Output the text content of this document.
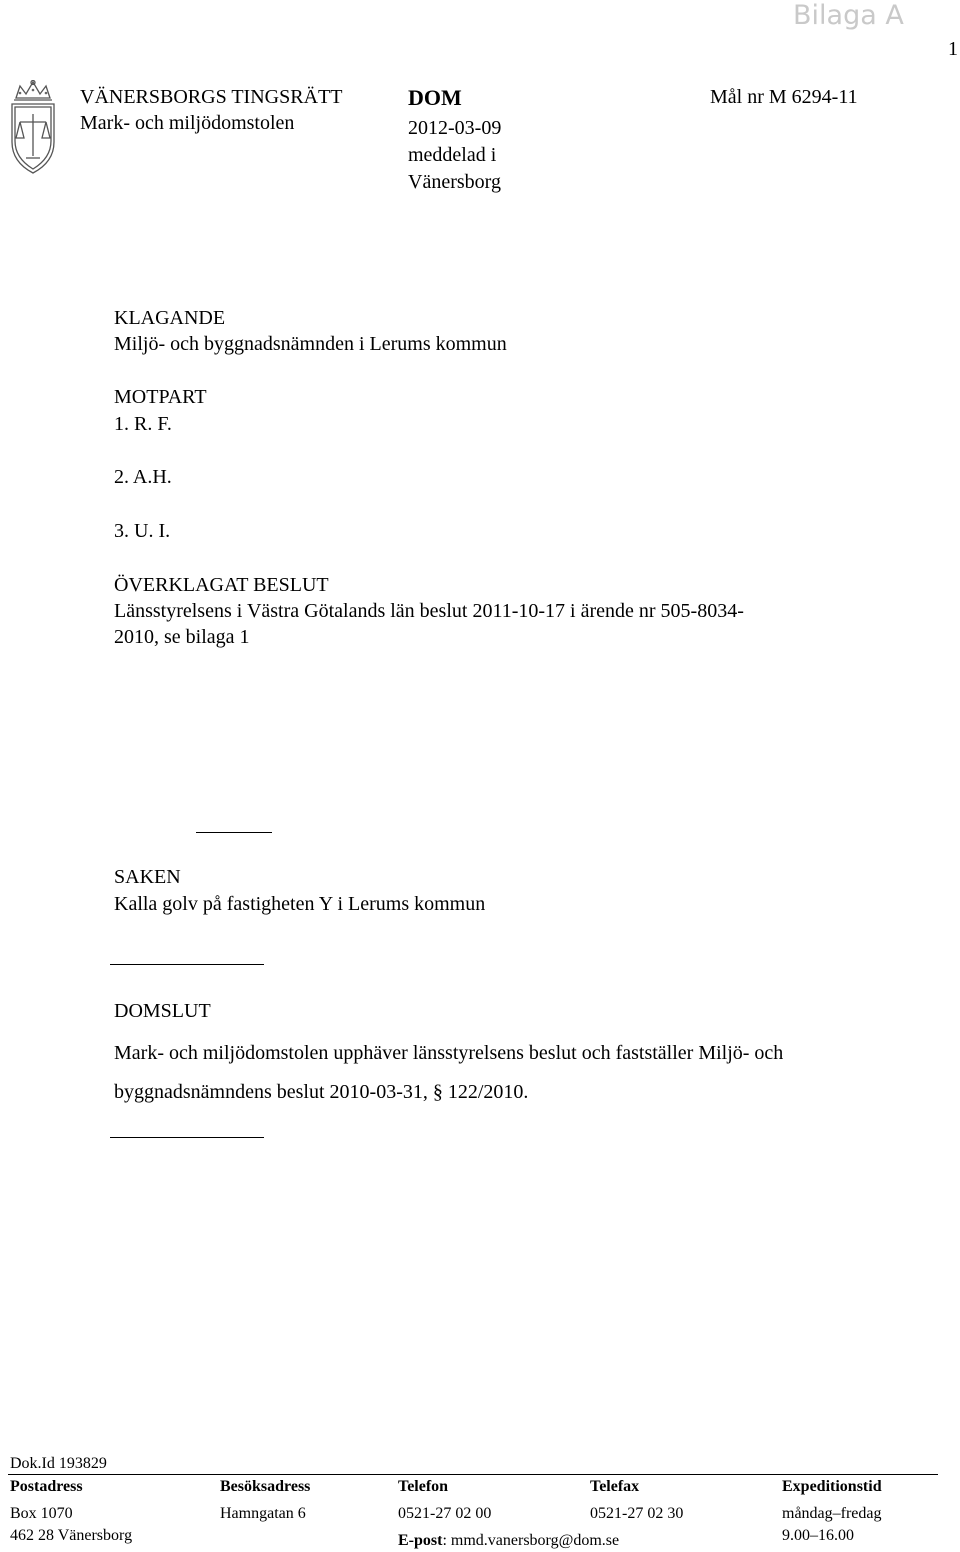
Bilaga A
1
VÄNERSBORGS TINGSRÄTT
Mark- och miljödomstolen
DOM
2012-03-09
meddelad i
Vänersborg
Mål nr M 6294-11
KLAGANDE
Miljö- och byggnadsnämnden i Lerums kommun
MOTPART
1. R. F.
2. A.H.
3. U. I.
ÖVERKLAGAT BESLUT
Länsstyrelsens i Västra Götalands län beslut 2011-10-17 i ärende nr 505-8034-
2010, se bilaga 1
SAKEN
Kalla golv på fastigheten Y i Lerums kommun
DOMSLUT
Mark- och miljödomstolen upphäver länsstyrelsens beslut och fastställer Miljö- och
byggnadsnämndens beslut 2010-03-31, § 122/2010.
Dok.Id 193829
Postadress
Box 1070
462 28 Vänersborg
Besöksadress
Hamngatan 6
Telefon
0521-27 02 00
E-post: mmd.vanersborg@dom.se
Telefax
0521-27 02 30
Expeditionstid
måndag–fredag
9.00–16.00
